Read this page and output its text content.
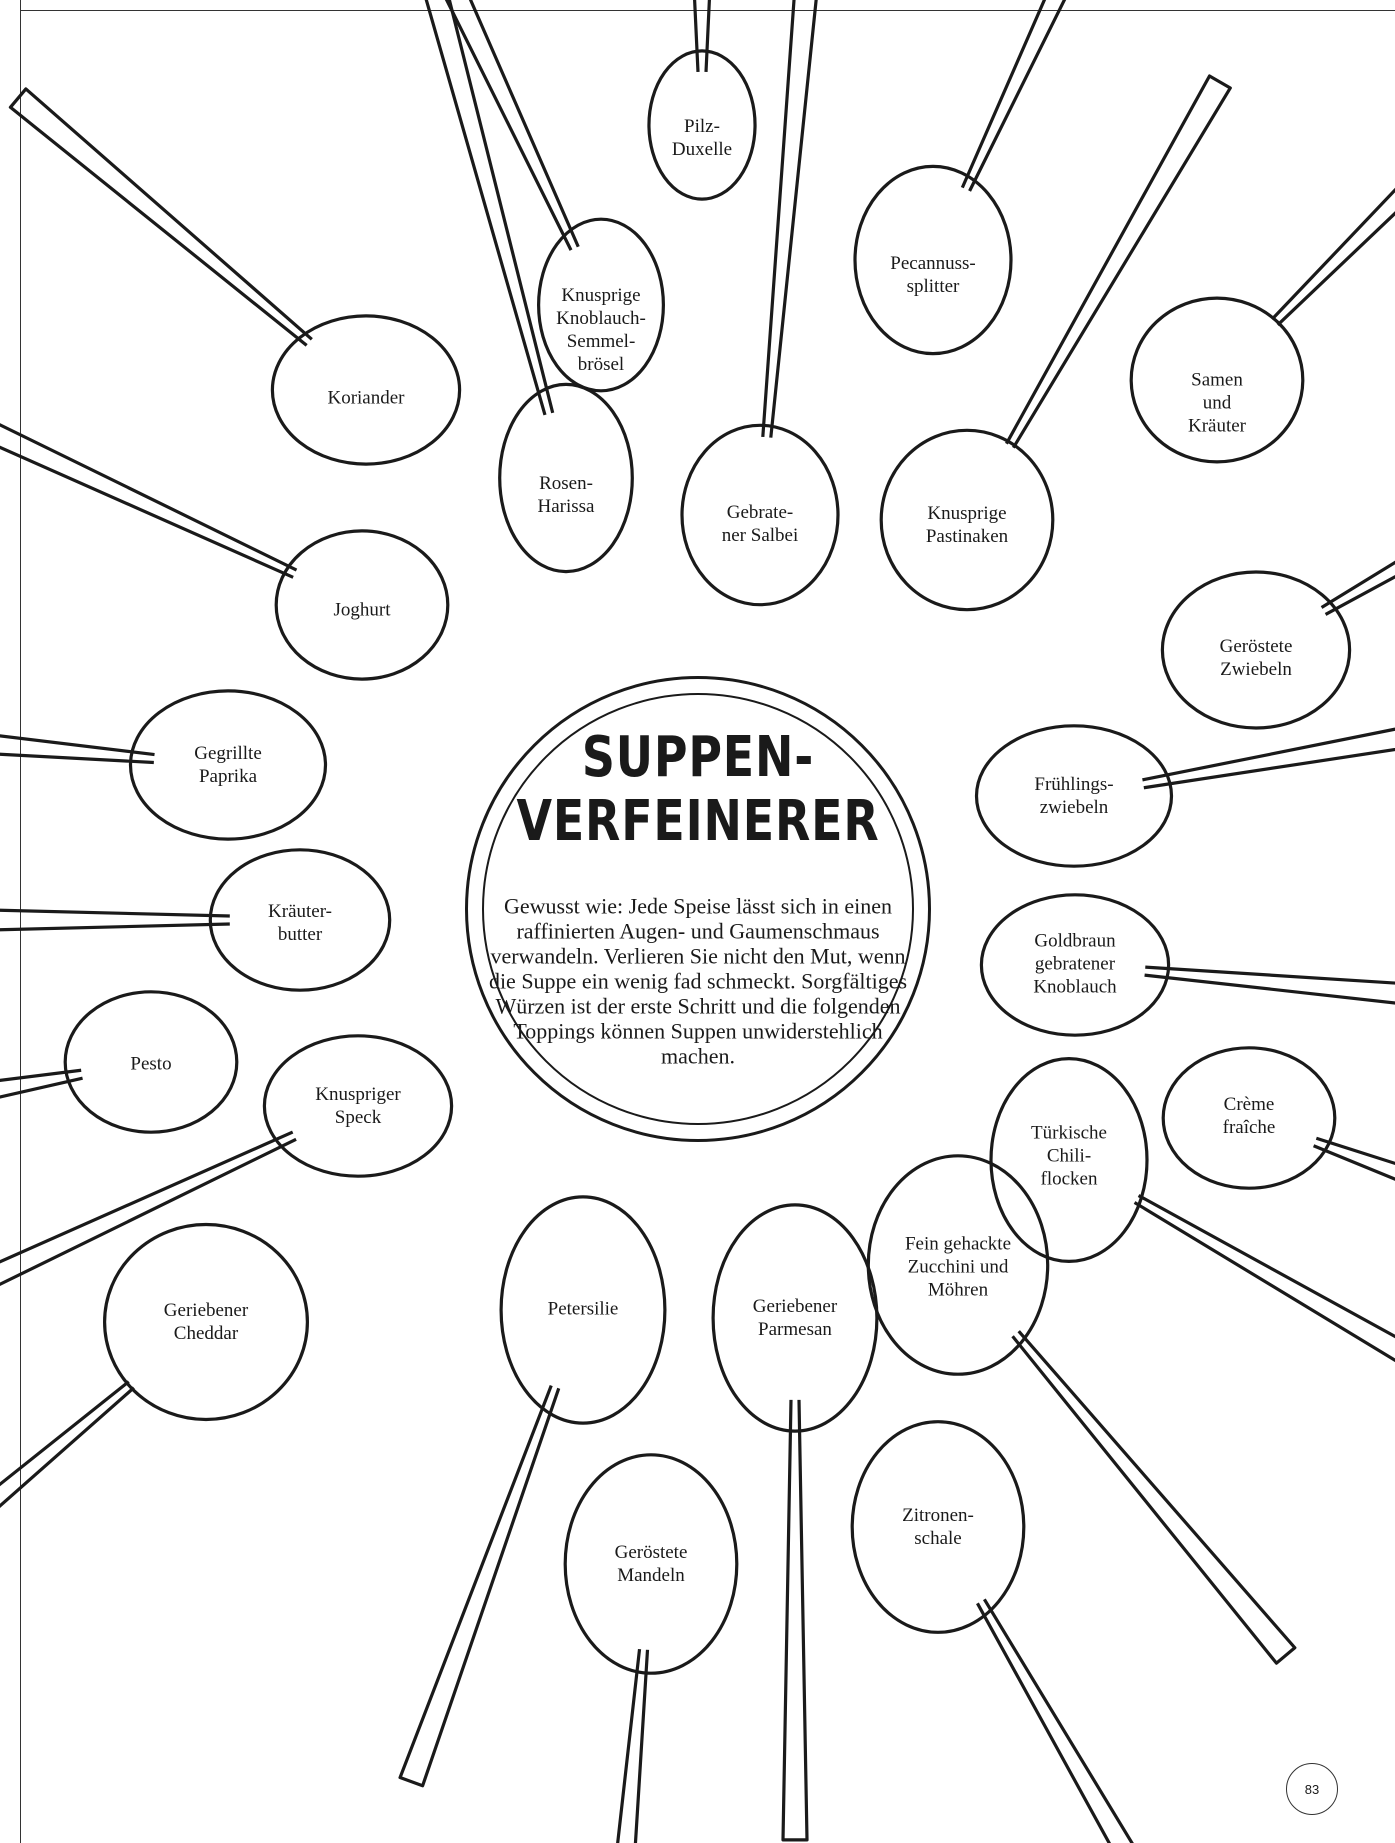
Pilz-
Duxelle
Knusprige
Knoblauch-
Semmel-
brösel
Pecannuss-
splitter
Koriander
Samen
und
Kräuter
Rosen-
Harissa	Gebrate-
ner Salbei
Knusprige
Pastinaken
Joghurt
Geröstete
Zwiebeln
Gegrillte
Paprika	Frühlings-
zwiebeln
Kräuter-
butter	Goldbraun
gebratener
Knoblauch
Pesto
Knuspriger
Speck
Crème
fraîche
Türkische
Chili-
flocken
Fein gehackte
Zucchini und
Möhren
Geriebener
Cheddar
Petersilie	Geriebener
Parmesan
Zitronen-
schale
Geröstete
Mandeln
SUPPEN-
VERFEINERER
Gewusst wie: Jede Speise lässt sich in einen raffinierten Augen- und Gaumenschmaus verwandeln. Verlieren Sie nicht den Mut, wenn die Suppe ein wenig fad schmeckt. Sorgfältiges Würzen ist der erste Schritt und die folgenden Toppings können Suppen unwiderstehlich machen.
83
